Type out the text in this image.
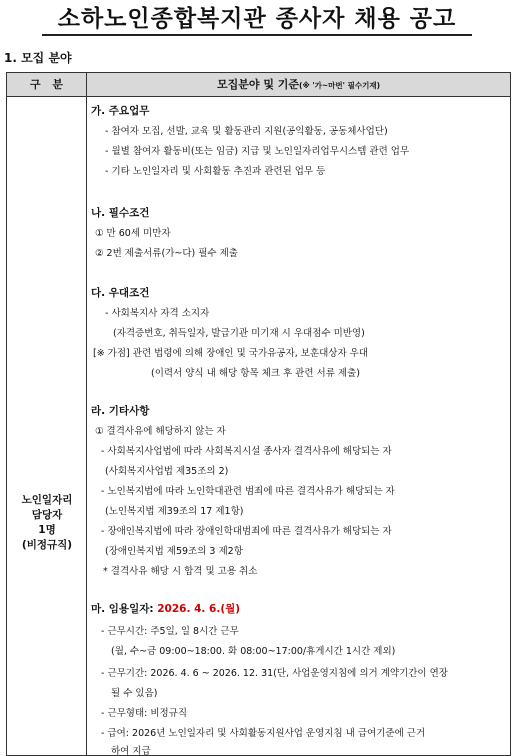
소하노인종합복지관 종사자 채용 공고
1. 모집 분야
구 분	모집분야 및 기준(※ '가~마번' 필수기재)
노인일자리
담당자
1명
(비정규직)
가. 주요업무
- 참여자 모집, 선발, 교육 및 활동관리 지원(공익활동, 공동체사업단)
- 월별 참여자 활동비(또는 임금) 지급 및 노인일자리업무시스템 관련 업무
- 기타 노인일자리 및 사회활동 추진과 관련된 업무 등
나. 필수조건
① 만 60세 미만자
② 2번 제출서류(가~다) 필수 제출
다. 우대조건
- 사회복지사 자격 소지자
(자격증번호, 취득일자, 발급기관 미기재 시 우대점수 미반영)
[※ 가점] 관련 법령에 의해 장애인 및 국가유공자, 보훈대상자 우대
(이력서 양식 내 해당 항목 체크 후 관련 서류 제출)
라. 기타사항
① 결격사유에 해당하지 않는 자
- 사회복지사업법에 따라 사회복지시설 종사자 결격사유에 해당되는 자
(사회복지사업법 제35조의 2)
- 노인복지법에 따라 노인학대관련 범죄에 따른 결격사유가 해당되는 자
(노인복지법 제39조의 17 제1항)
- 장애인복지법에 따라 장애인학대범죄에 따른 결격사유가 해당되는 자
(장애인복지법 제59조의 3 제2항
* 결격사유 해당 시 합격 및 고용 취소
마. 임용일자: 2026. 4. 6.(월)
- 근무시간: 주5일, 일 8시간 근무
(월, 수~금 09:00~18:00. 화 08:00~17:00/휴게시간 1시간 제외)
- 근무기간: 2026. 4. 6 ~ 2026. 12. 31(단, 사업운영지침에 의거 계약기간이 연장
될 수 있음)
- 근무형태: 비정규직
- 급여: 2026년 노인일자리 및 사회활동지원사업 운영지침 내 급여기준에 근거
하여 지급
